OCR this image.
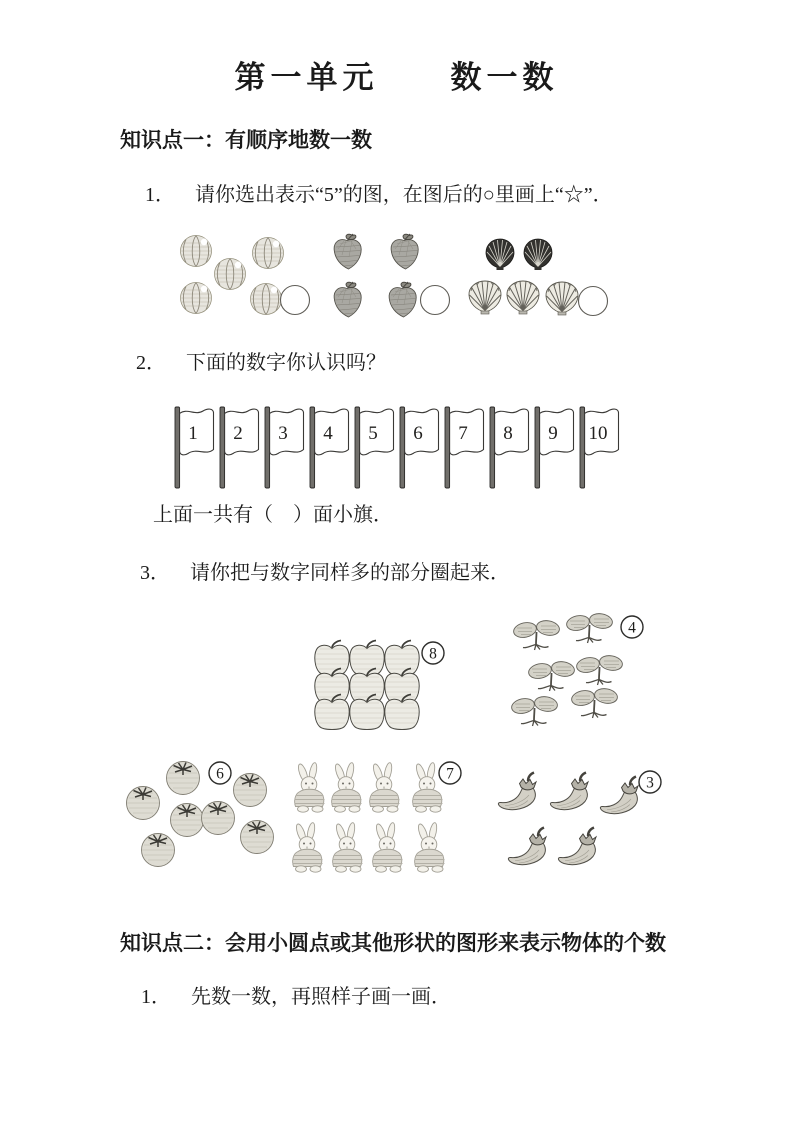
第一单元　　数一数
知识点一：有顺序地数一数
1． 请你选出表示“5”的图，在图后的○里画上“☆”．
2． 下面的数字你认识吗？
上面一共有（　）面小旗．
3． 请你把与数字同样多的部分圈起来．
知识点二：会用小圆点或其他形状的图形来表示物体的个数
1． 先数一数，再照样子画一画．
1 2 3 4 5 6 7 8 9 10
8
4
6	7
3
